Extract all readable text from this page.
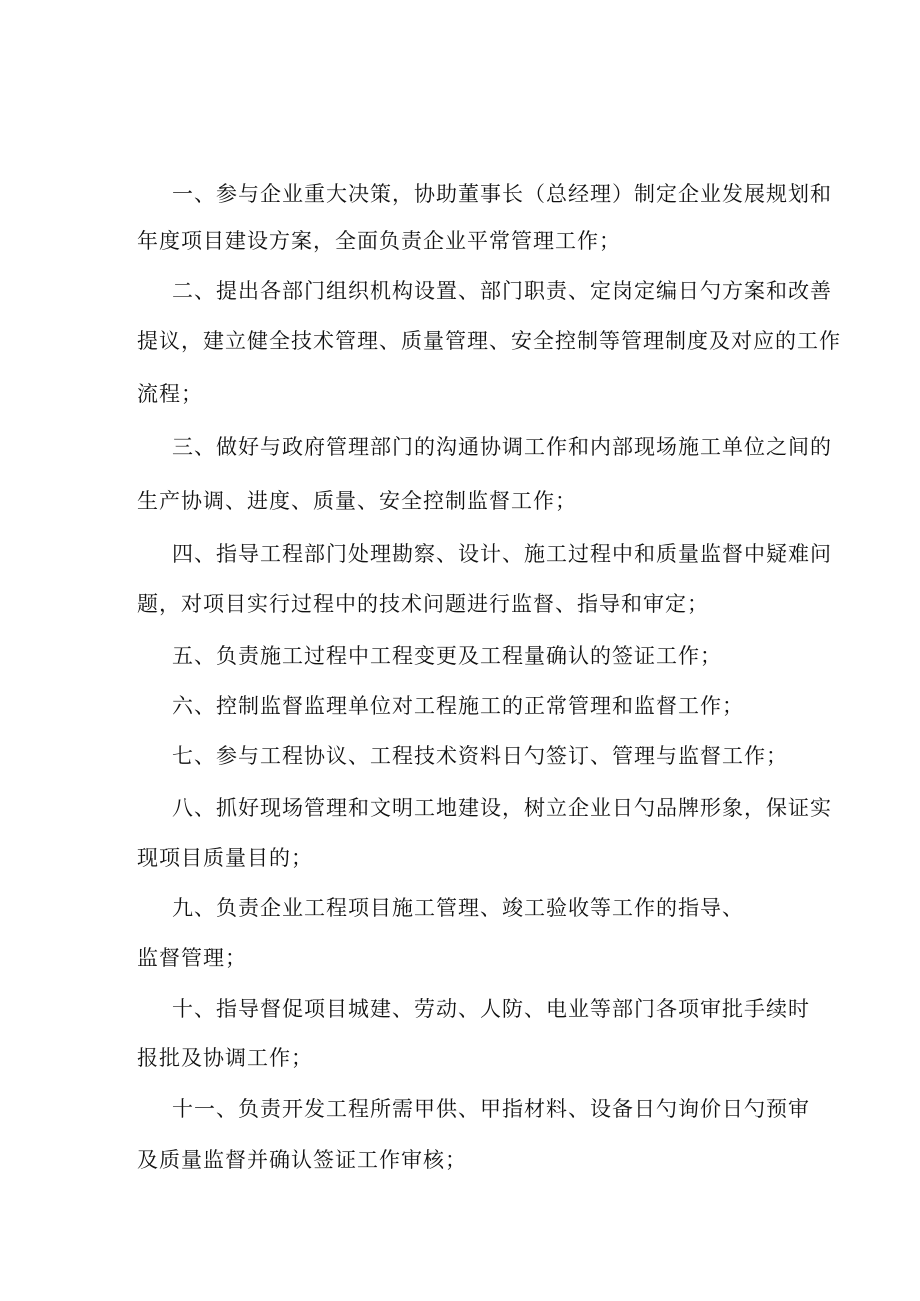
一、参与企业重大决策，协助董事长（总经理）制定企业发展规划和
年度项目建设方案，全面负责企业平常管理工作；
二、提出各部门组织机构设置、部门职责、定岗定编日勺方案和改善
提议，建立健全技术管理、质量管理、安全控制等管理制度及对应的工作
流程；
三、做好与政府管理部门的沟通协调工作和内部现场施工单位之间的
生产协调、进度、质量、安全控制监督工作；
四、指导工程部门处理勘察、设计、施工过程中和质量监督中疑难问
题，对项目实行过程中的技术问题进行监督、指导和审定；
五、负责施工过程中工程变更及工程量确认的签证工作；
六、控制监督监理单位对工程施工的正常管理和监督工作；
七、参与工程协议、工程技术资料日勺签订、管理与监督工作；
八、抓好现场管理和文明工地建设，树立企业日勺品牌形象，保证实
现项目质量目的；
九、负责企业工程项目施工管理、竣工验收等工作的指导、
监督管理；
十、指导督促项目城建、劳动、人防、电业等部门各项审批手续时
报批及协调工作；
十一、负责开发工程所需甲供、甲指材料、设备日勺询价日勺预审
及质量监督并确认签证工作审核；
